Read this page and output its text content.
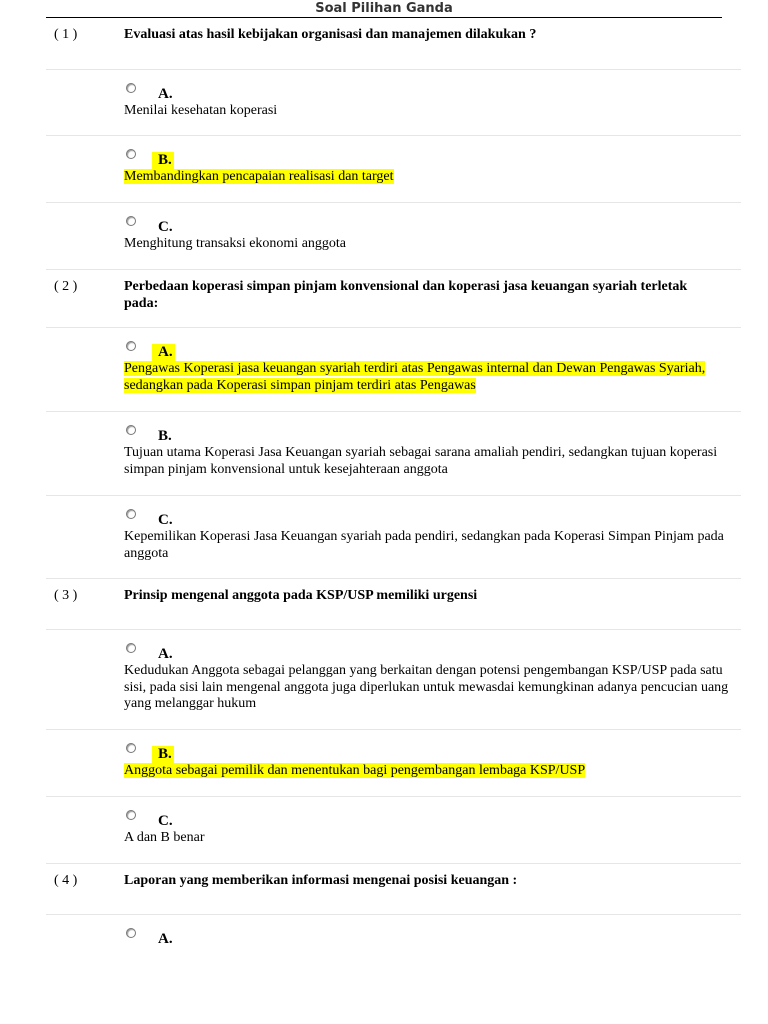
Soal Pilihan Ganda
( 1 )	Evaluasi atas hasil kebijakan organisasi dan manajemen dilakukan ?
A.
Menilai kesehatan koperasi
B.
Membandingkan pencapaian realisasi dan target
C.
Menghitung transaksi ekonomi anggota
( 2 )	Perbedaan koperasi simpan pinjam konvensional dan koperasi jasa keuangan syariah terletak pada:
A.
Pengawas Koperasi jasa keuangan syariah terdiri atas Pengawas internal dan Dewan Pengawas Syariah, sedangkan pada Koperasi simpan pinjam terdiri atas Pengawas
B.
Tujuan utama Koperasi Jasa Keuangan syariah sebagai sarana amaliah pendiri, sedangkan tujuan koperasi simpan pinjam konvensional untuk kesejahteraan anggota
C.
Kepemilikan Koperasi Jasa Keuangan syariah pada pendiri, sedangkan pada Koperasi Simpan Pinjam pada anggota
( 3 )	Prinsip mengenal anggota pada KSP/USP memiliki urgensi
A.
Kedudukan Anggota sebagai pelanggan yang berkaitan dengan potensi pengembangan KSP/USP pada satu sisi, pada sisi lain mengenal anggota juga diperlukan untuk mewasdai kemungkinan adanya pencucian uang yang melanggar hukum
B.
Anggota sebagai pemilik dan menentukan bagi pengembangan lembaga KSP/USP
C.
A dan B benar
( 4 )	Laporan yang memberikan informasi mengenai posisi keuangan :
A.
